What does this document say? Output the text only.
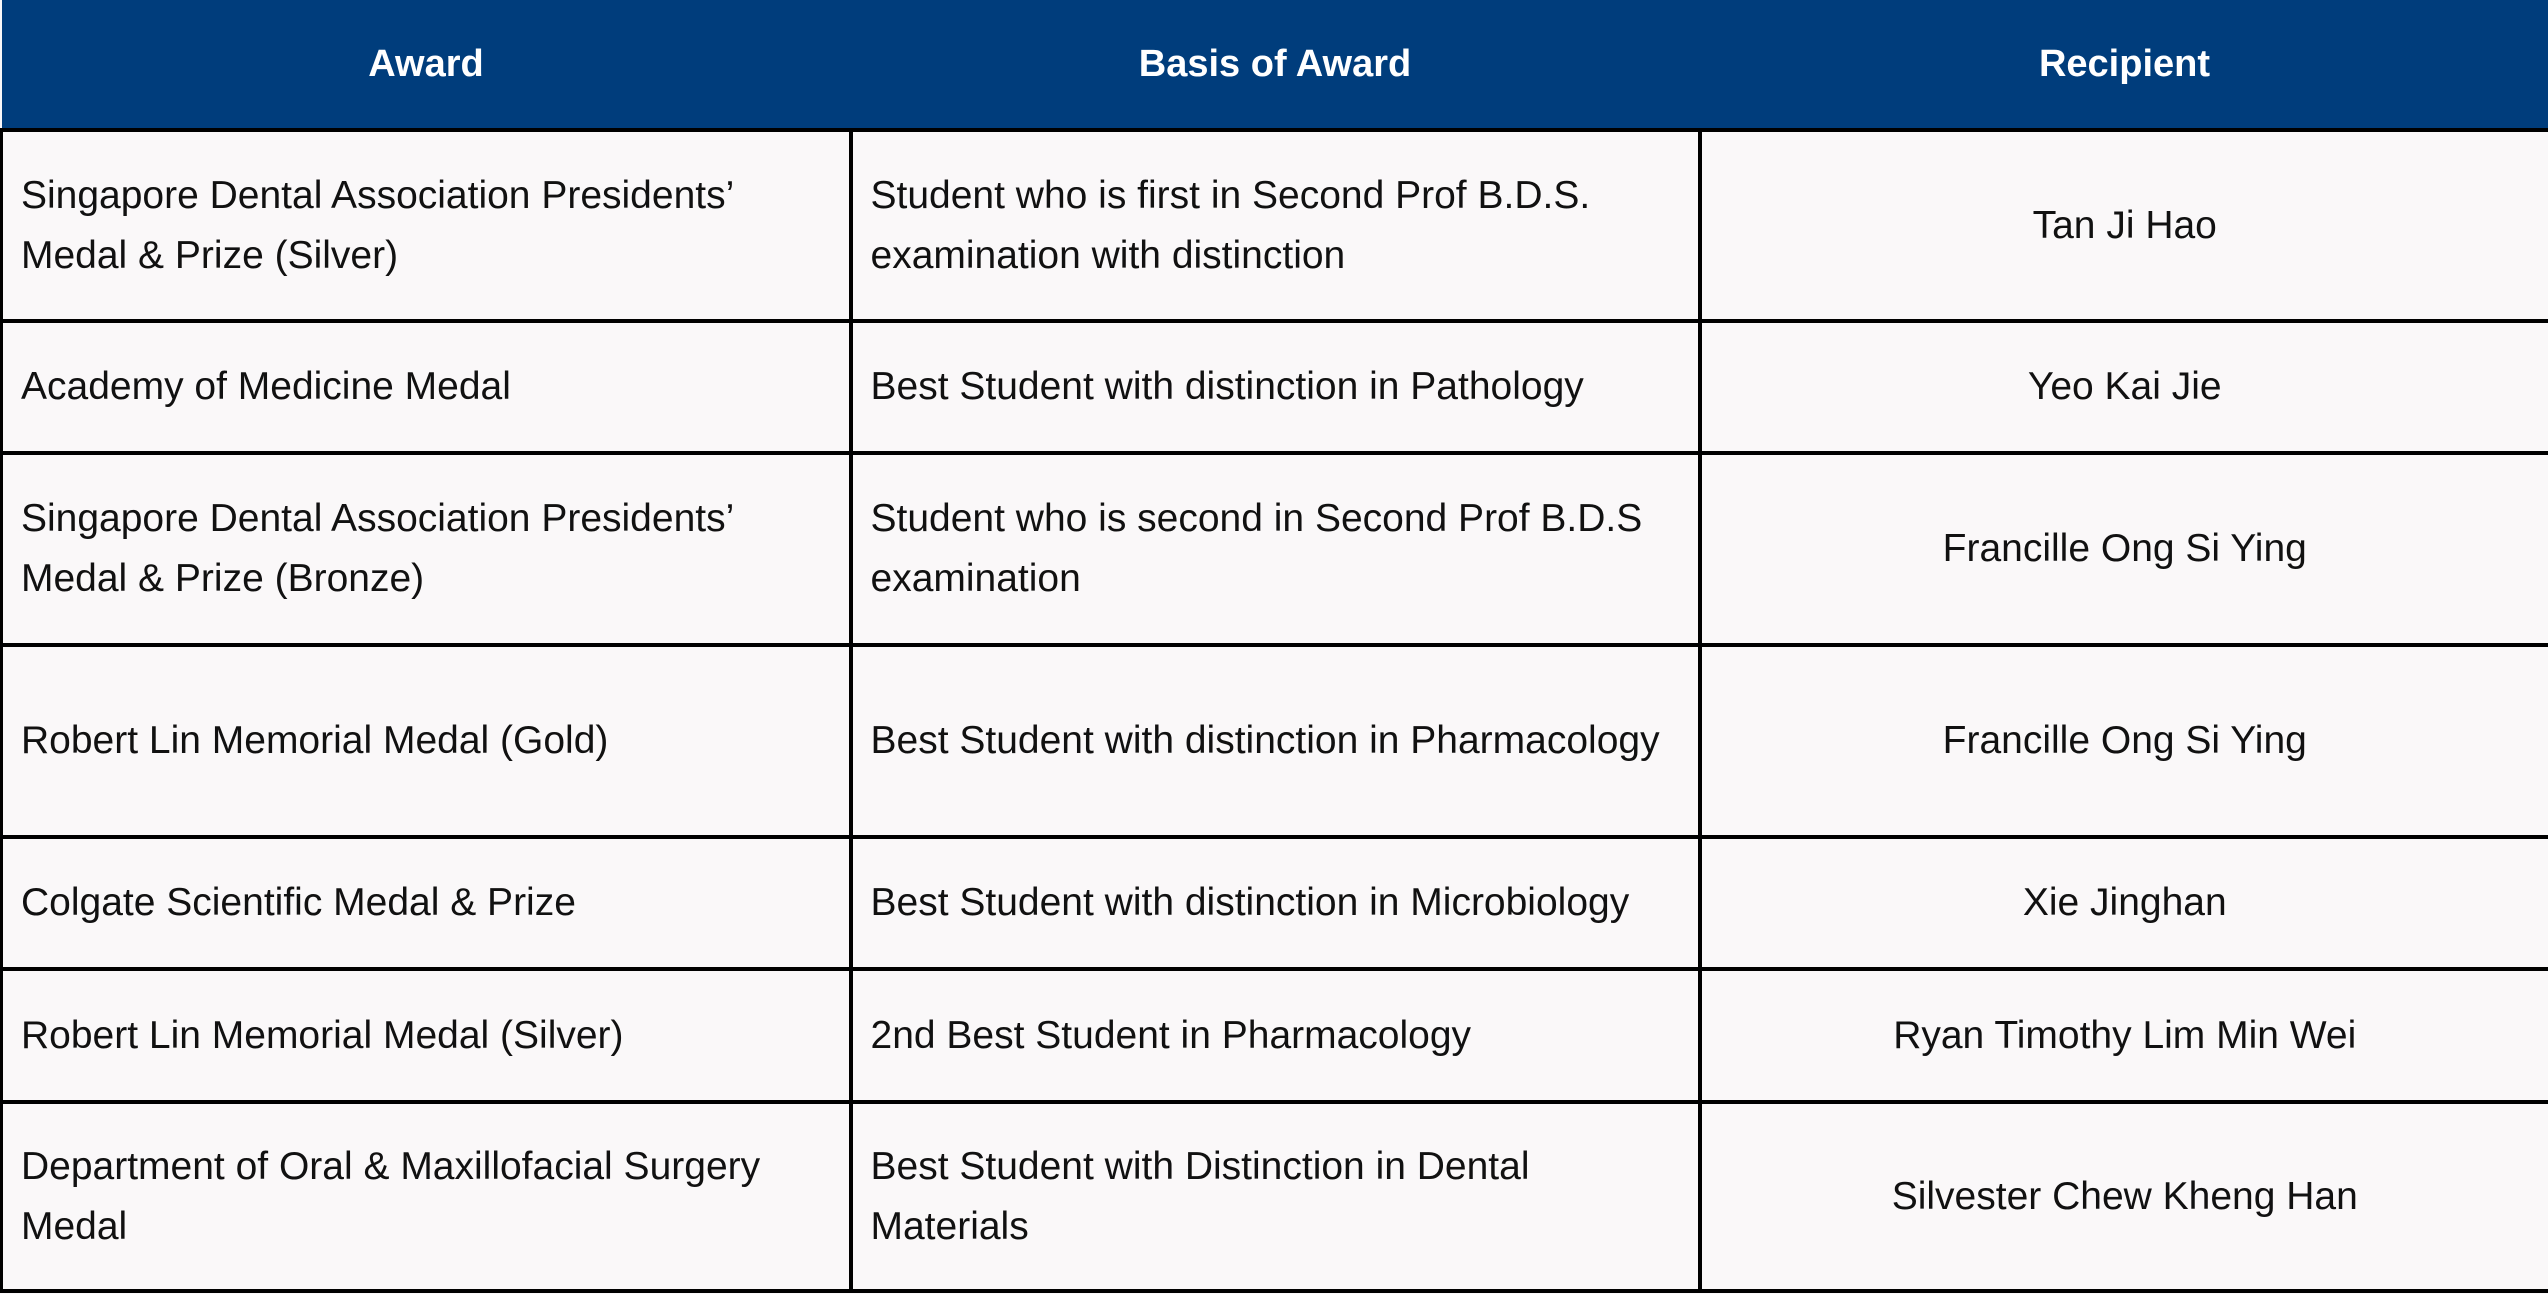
Award	Basis of Award	Recipient
Singapore Dental Association Presidents’ Medal & Prize (Silver)	Student who is first in Second Prof B.D.S. examination with distinction	Tan Ji Hao
Academy of Medicine Medal	Best Student with distinction in Pathology	Yeo Kai Jie
Singapore Dental Association Presidents’ Medal & Prize (Bronze)	Student who is second in Second Prof B.D.S examination	Francille Ong Si Ying
Robert Lin Memorial Medal (Gold)	Best Student with distinction in Pharmacology	Francille Ong Si Ying
Colgate Scientific Medal & Prize	Best Student with distinction in Microbiology	Xie Jinghan
Robert Lin Memorial Medal (Silver)	2nd Best Student in Pharmacology	Ryan Timothy Lim Min Wei
Department of Oral & Maxillofacial Surgery Medal	Best Student with Distinction in Dental Materials	Silvester Chew Kheng Han
